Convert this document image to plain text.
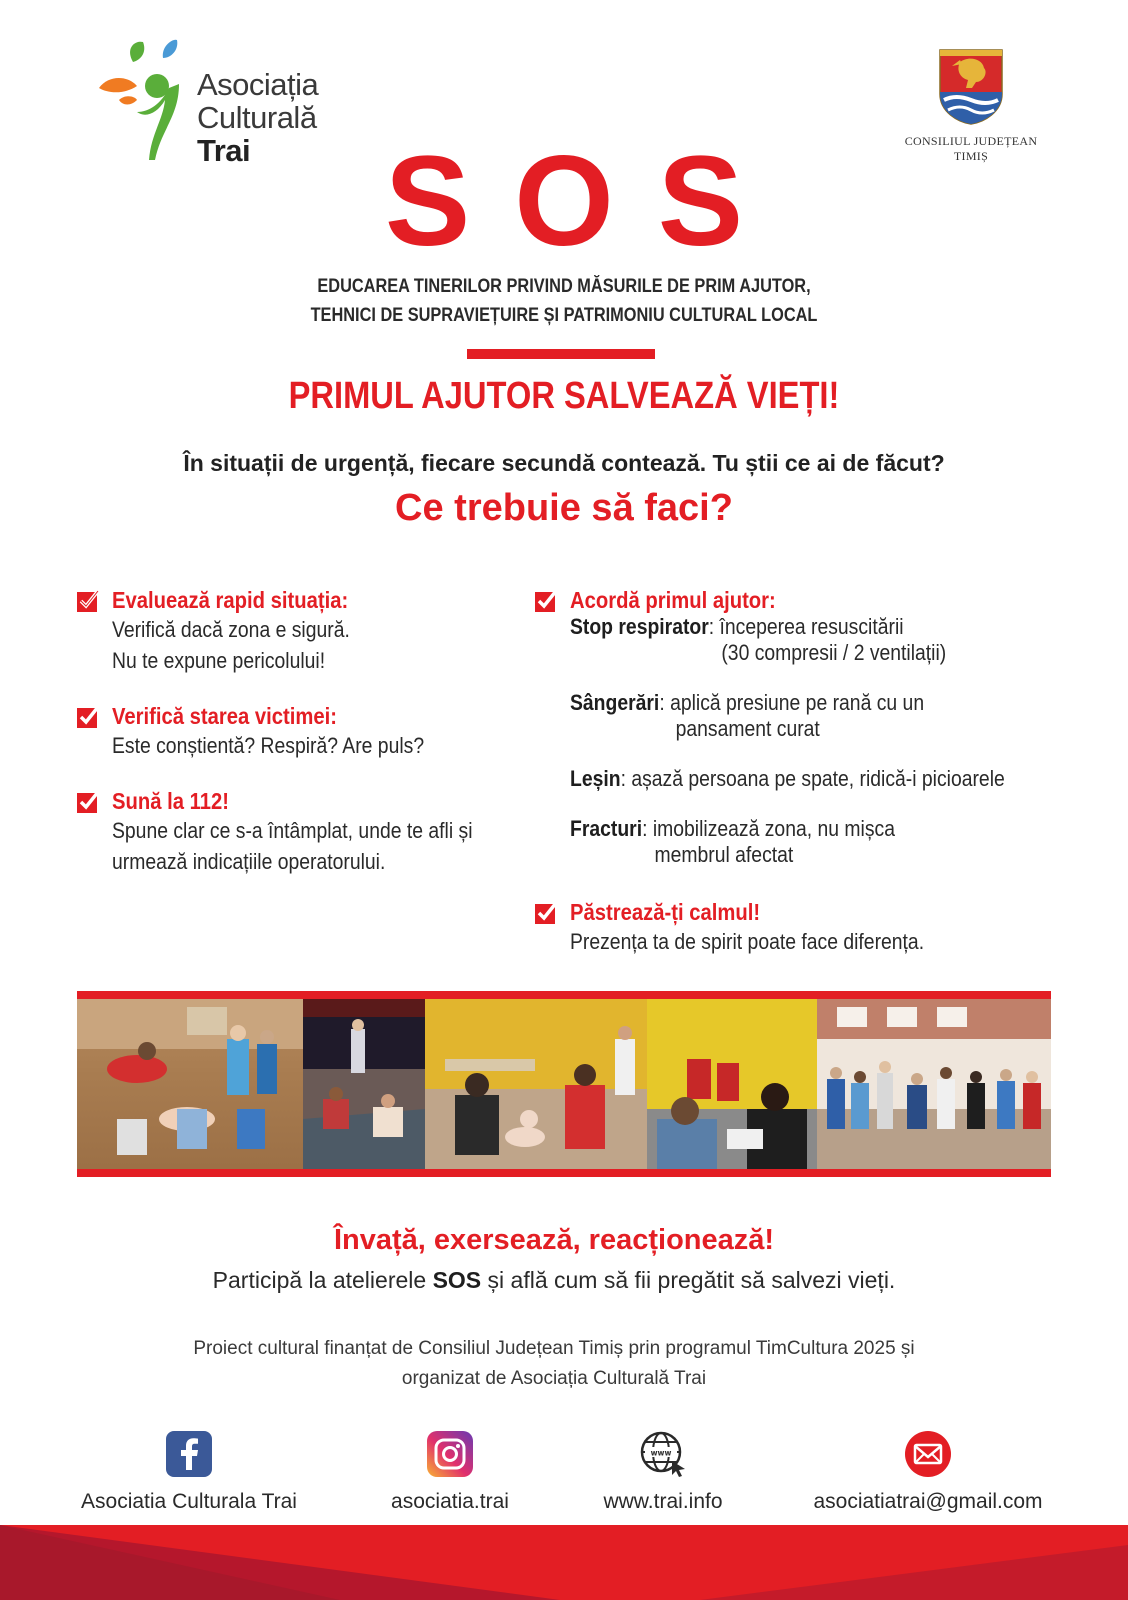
Asociația
Culturală
Trai	CONSILIUL JUDEȚEAN
TIMIȘ
SOS
EDUCAREA TINERILOR PRIVIND MĂSURILE DE PRIM AJUTOR,
TEHNICI DE SUPRAVIEȚUIRE ȘI PATRIMONIU CULTURAL LOCAL
PRIMUL AJUTOR SALVEAZĂ VIEȚI!
În situații de urgență, fiecare secundă contează. Tu știi ce ai de făcut?
Ce trebuie să faci?
Evaluează rapid situația:
Verifică dacă zona e sigură.
Nu te expune pericolului!
Verifică starea victimei:
Este conștientă? Respiră? Are puls?
Sună la 112!
Spune clar ce s-a întâmplat, unde te afli și
urmează indicațiile operatorului.
Acordă primul ajutor:
Stop respirator: începerea resuscitării
(30 compresii / 2 ventilații)
Sângerări: aplică presiune pe rană cu un
pansament curat
Leșin: așază persoana pe spate, ridică-i picioarele
Fracturi: imobilizează zona, nu mișca
membrul afectat
Păstrează-ți calmul!
Prezența ta de spirit poate face diferența.
Învață, exersează, reacționează!
Participă la atelierele SOS și află cum să fii pregătit să salvezi vieți.
Proiect cultural finanțat de Consiliul Județean Timiș prin programul TimCultura 2025 și
organizat de Asociația Culturală Trai
Asociatia Culturala Trai	asociatia.trai
www
www.trai.info	asociatiatrai@gmail.com
